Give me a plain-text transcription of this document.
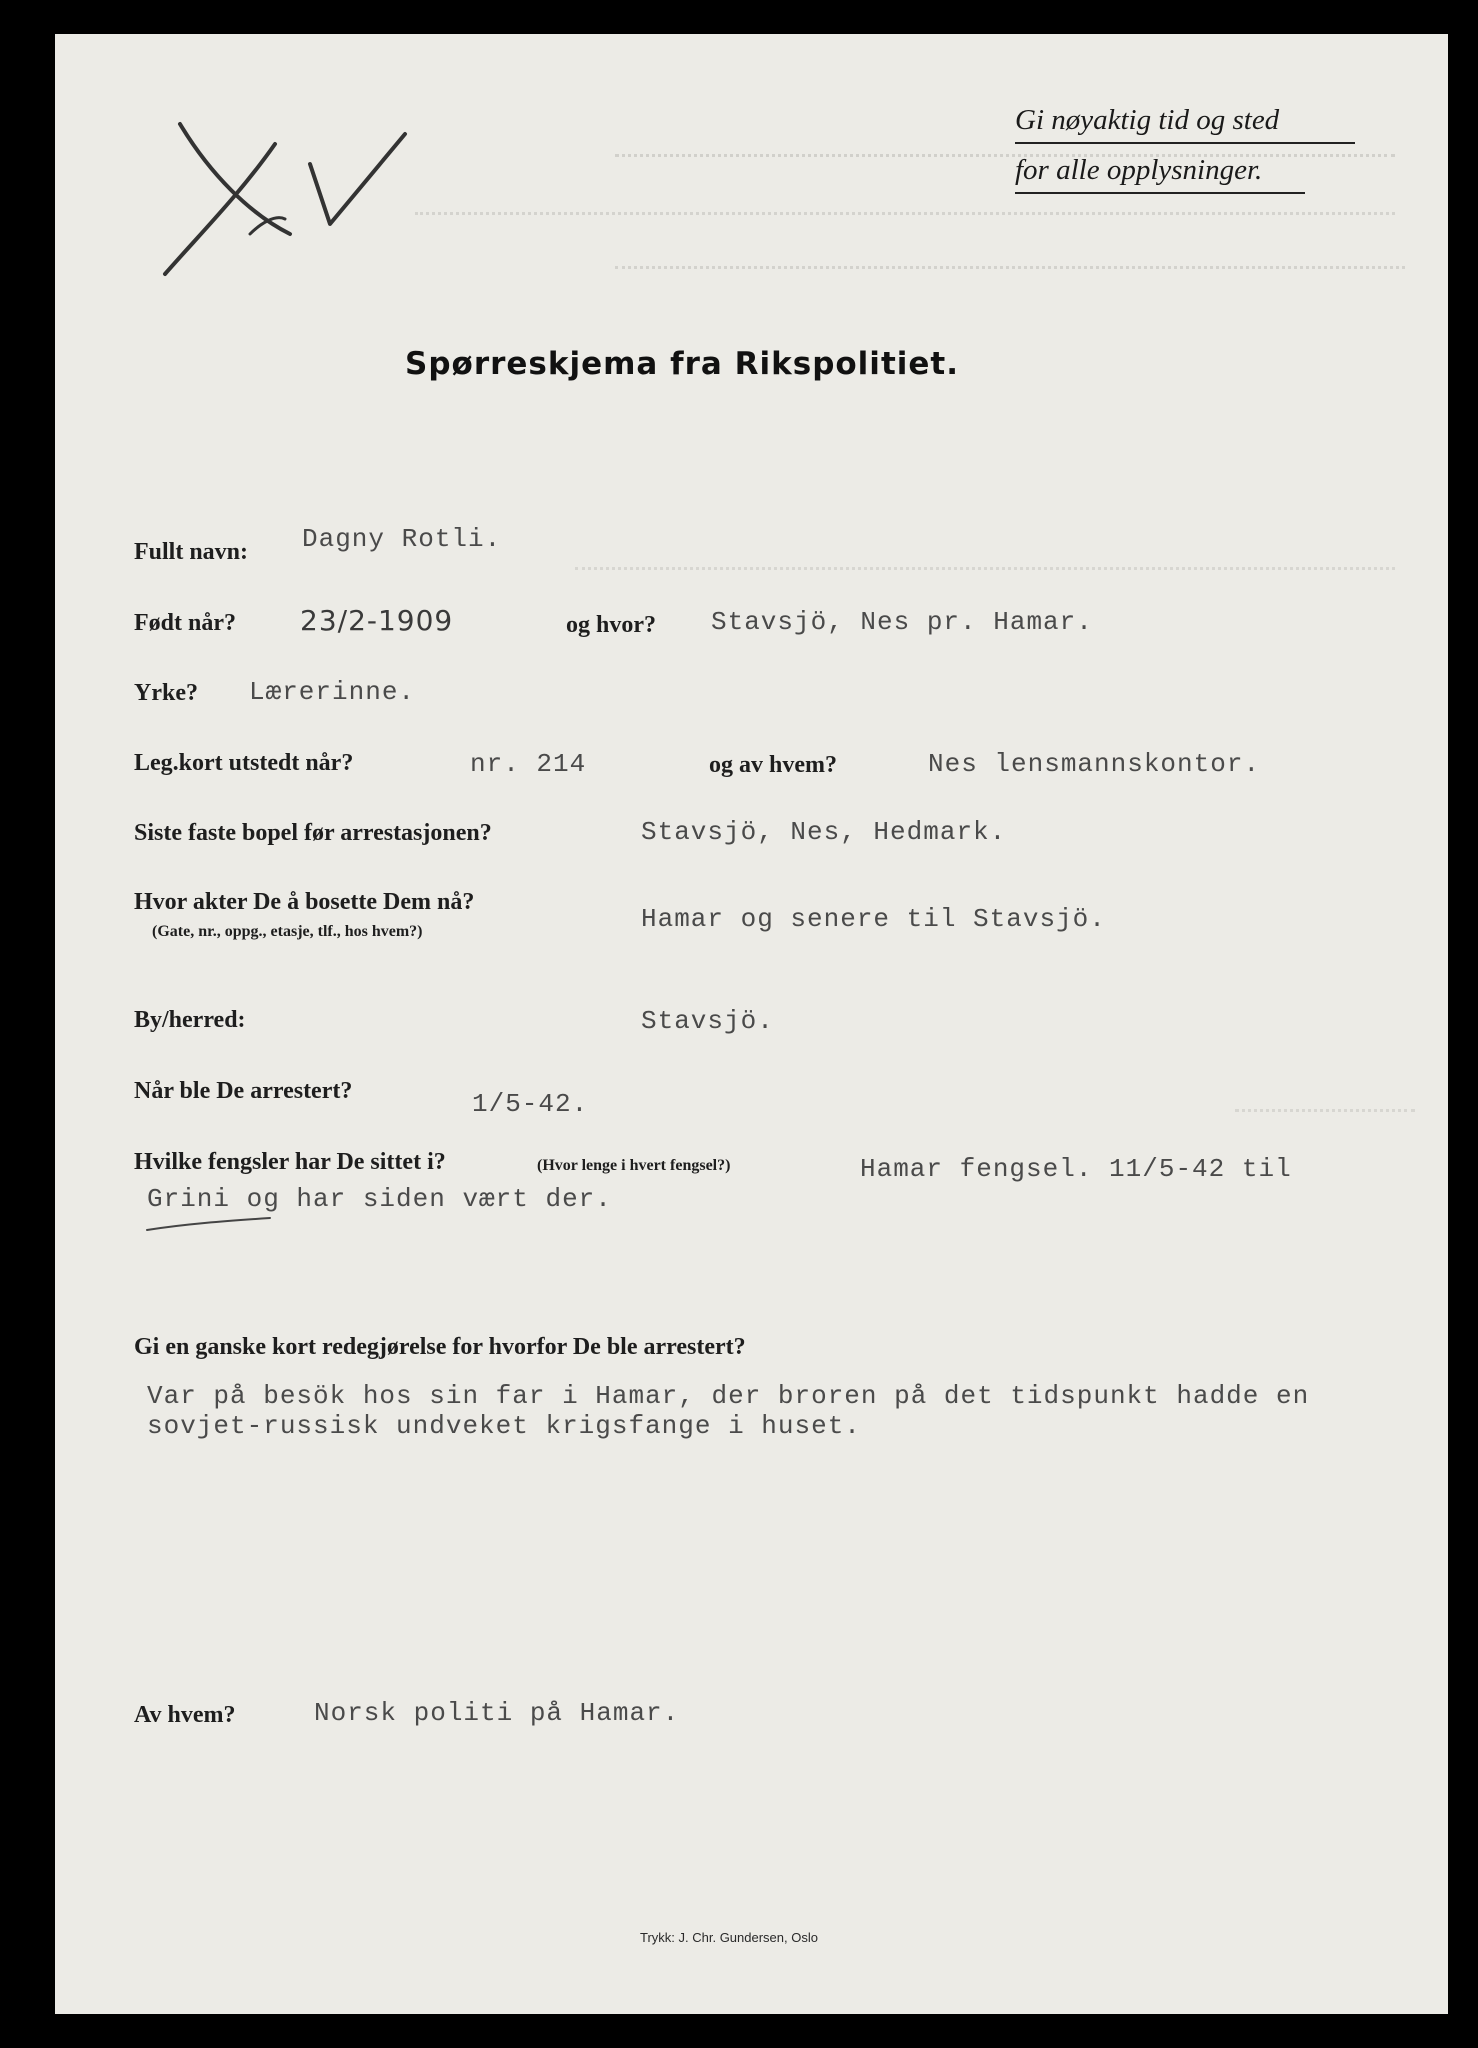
Gi nøyaktig tid og sted
for alle opplysninger.
Spørreskjema fra Rikspolitiet.
Fullt navn: Dagny Rotli.
Født når? 23/2-1909	og hvor? Stavsjö, Nes pr. Hamar.
Yrke? Lærerinne.
Leg.kort utstedt når?	nr. 214	og av hvem?	Nes lensmannskontor.
Siste faste bopel før arrestasjonen?	Stavsjö, Nes, Hedmark.
Hvor akter De å bosette Dem nå?
(Gate, nr., oppg., etasje, tlf., hos hvem?)	Hamar og senere til Stavsjö.
By/herred:	Stavsjö.
Når ble De arrestert?	1/5-42.
Hvilke fengsler har De sittet i?	(Hvor lenge i hvert fengsel?)	Hamar fengsel. 11/5-42 til
Grini og har siden vært der.
Gi en ganske kort redegjørelse for hvorfor De ble arrestert?
Var på besök hos sin far i Hamar, der broren på det tidspunkt hadde en
sovjet-russisk undveket krigsfange i huset.
Av hvem?	Norsk politi på Hamar.
Trykk: J. Chr. Gundersen, Oslo
